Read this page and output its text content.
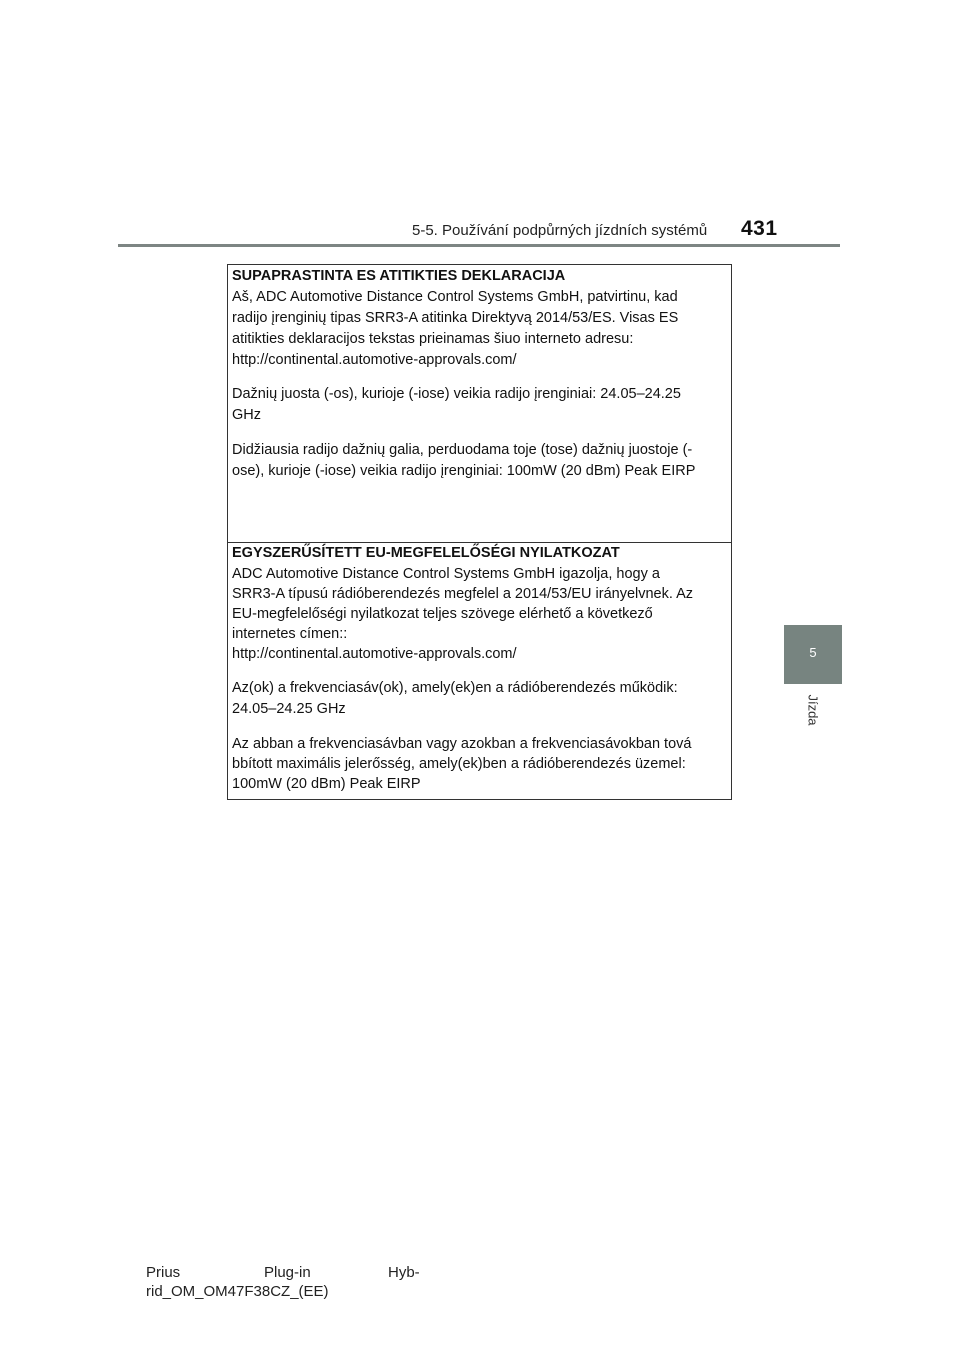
5-5. Používání podpůrných jízdních systémů 431
5
Jízda
SUPAPRASTINTA ES ATITIKTIES DEKLARACIJA
Aš, ADC Automotive Distance Control Systems GmbH, patvirtinu, kad
radijo įrenginių tipas SRR3-A atitinka Direktyvą 2014/53/ES. Visas ES
atitikties deklaracijos tekstas prieinamas šiuo interneto adresu:
http://continental.automotive-approvals.com/
Dažnių juosta (-os), kurioje (-iose) veikia radijo įrenginiai: 24.05–24.25
GHz
Didžiausia radijo dažnių galia, perduodama toje (tose) dažnių juostoje (-
ose), kurioje (-iose) veikia radijo įrenginiai: 100mW (20 dBm) Peak EIRP
EGYSZERŰSÍTETT EU-MEGFELELŐSÉGI NYILATKOZAT
ADC Automotive Distance Control Systems GmbH igazolja, hogy a
SRR3-A típusú rádióberendezés megfelel a 2014/53/EU irányelvnek. Az
EU-megfelelőségi nyilatkozat teljes szövege elérhető a következő
internetes címen::
http://continental.automotive-approvals.com/
Az(ok) a frekvenciasáv(ok), amely(ek)en a rádióberendezés működik:
24.05–24.25 GHz
Az abban a frekvenciasávban vagy azokban a frekvenciasávokban tová
bbított maximális jelerősség, amely(ek)ben a rádióberendezés üzemel:
100mW (20 dBm) Peak EIRP
Prius	Plug-in	Hyb-
rid_OM_OM47F38CZ_(EE)
